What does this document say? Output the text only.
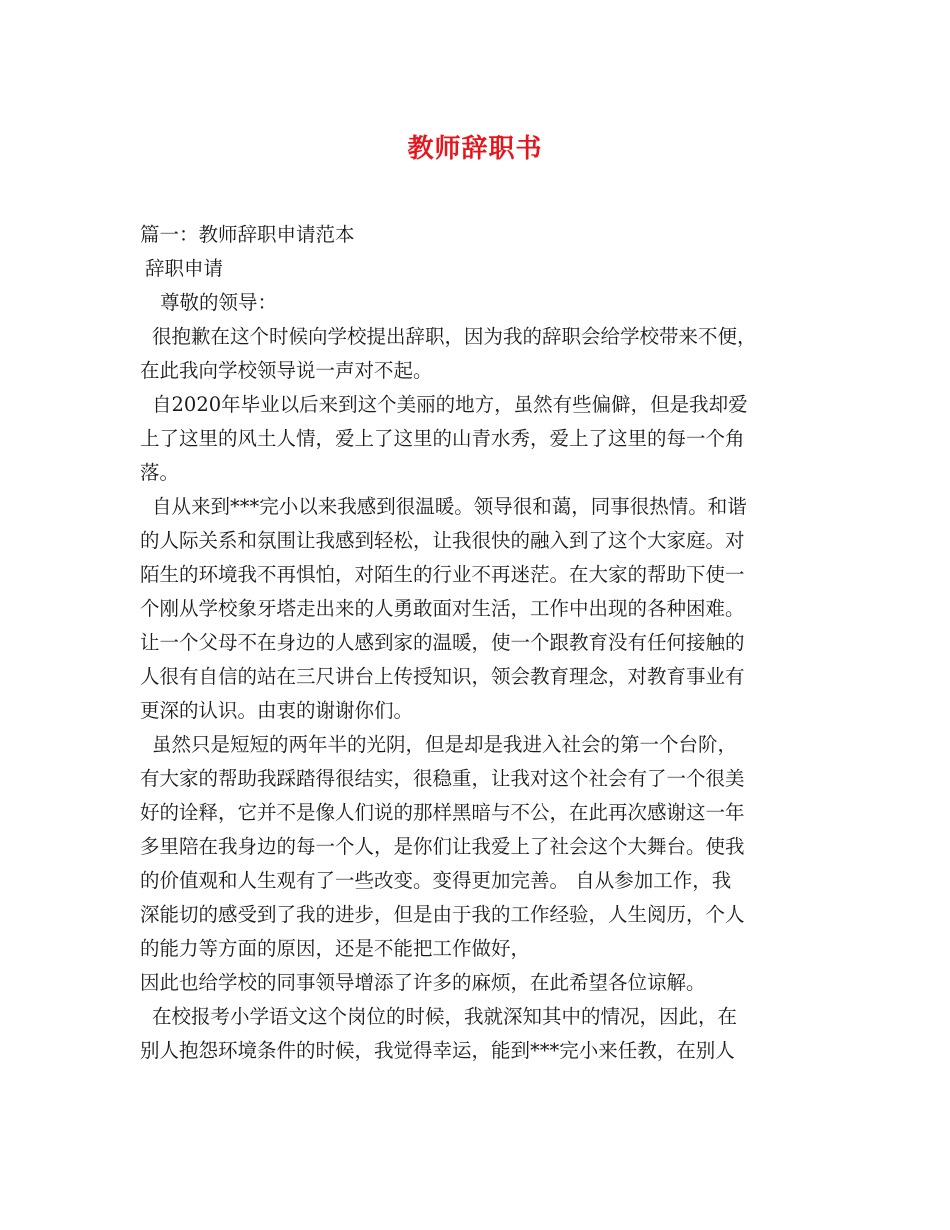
教师辞职书
篇一：教师辞职申请范本
辞职申请
尊敬的领导：
很抱歉在这个时候向学校提出辞职，因为我的辞职会给学校带来不便，
在此我向学校领导说一声对不起。
自2020年毕业以后来到这个美丽的地方，虽然有些偏僻，但是我却爱
上了这里的风土人情，爱上了这里的山青水秀，爱上了这里的每一个角
落。
自从来到***完小以来我感到很温暖。领导很和蔼，同事很热情。和谐
的人际关系和氛围让我感到轻松，让我很快的融入到了这个大家庭。对
陌生的环境我不再惧怕，对陌生的行业不再迷茫。在大家的帮助下使一
个刚从学校象牙塔走出来的人勇敢面对生活，工作中出现的各种困难。
让一个父母不在身边的人感到家的温暖，使一个跟教育没有任何接触的
人很有自信的站在三尺讲台上传授知识，领会教育理念，对教育事业有
更深的认识。由衷的谢谢你们。
虽然只是短短的两年半的光阴，但是却是我进入社会的第一个台阶，
有大家的帮助我踩踏得很结实，很稳重，让我对这个社会有了一个很美
好的诠释，它并不是像人们说的那样黑暗与不公，在此再次感谢这一年
多里陪在我身边的每一个人，是你们让我爱上了社会这个大舞台。使我
的价值观和人生观有了一些改变。变得更加完善。 自从参加工作，我
深能切的感受到了我的进步，但是由于我的工作经验，人生阅历，个人
的能力等方面的原因，还是不能把工作做好，
因此也给学校的同事领导增添了许多的麻烦，在此希望各位谅解。
在校报考小学语文这个岗位的时候，我就深知其中的情况，因此，在
别人抱怨环境条件的时候，我觉得幸运，能到***完小来任教，在别人
